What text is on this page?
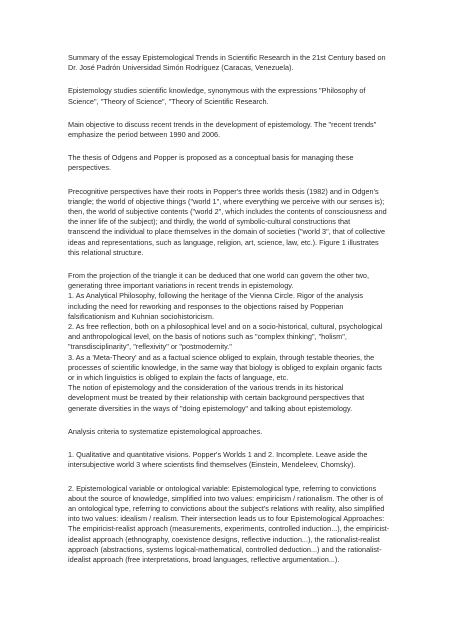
Summary of the essay Epistemological Trends in Scientific Research in the 21st Century based on
Dr. José Padrón Universidad Simón Rodríguez (Caracas, Venezuela).

Epistemology studies scientific knowledge, synonymous with the expressions "Philosophy of
Science", "Theory of Science", "Theory of Scientific Research.

Main objective to discuss recent trends in the development of epistemology. The "recent trends"
emphasize the period between 1990 and 2006.

The thesis of Odgens and Popper is proposed as a conceptual basis for managing these
perspectives.

Precognitive perspectives have their roots in Popper's three worlds thesis (1982) and in Odgen's
triangle; the world of objective things ("world 1", where everything we perceive with our senses is);
then, the world of subjective contents ("world 2", which includes the contents of consciousness and
the inner life of the subject); and thirdly, the world of symbolic-cultural constructions that
transcend the individual to place themselves in the domain of societies ("world 3", that of collective
ideas and representations, such as language, religion, art, science, law, etc.). Figure 1 illustrates
this relational structure.

From the projection of the triangle it can be deduced that one world can govern the other two,
generating three important variations in recent trends in epistemology.
1. As Analytical Philosophy, following the heritage of the Vienna Circle. Rigor of the analysis
including the need for reworking and responses to the objections raised by Popperian
falsificationism and Kuhnian sociohistoricism.
2. As free reflection, both on a philosophical level and on a socio-historical, cultural, psychological
and anthropological level, on the basis of notions such as "complex thinking", "holism",
"transdisciplinarity", "reflexivity" or "postmodernity."
3. As a 'Meta-Theory' and as a factual science obliged to explain, through testable theories, the
processes of scientific knowledge, in the same way that biology is obliged to explain organic facts
or in which linguistics is obliged to explain the facts of language, etc.
The notion of epistemology and the consideration of the various trends in its historical
development must be treated by their relationship with certain background perspectives that
generate diversities in the ways of "doing epistemology" and talking about epistemology.

Analysis criteria to systematize epistemological approaches.

1. Qualitative and quantitative visions. Popper's Worlds 1 and 2. Incomplete. Leave aside the
intersubjective world 3 where scientists find themselves (Einstein, Mendeleev, Chomsky).

2. Epistemological variable or ontological variable: Epistemological type, referring to convictions
about the source of knowledge, simplified into two values: empiricism / rationalism. The other is of
an ontological type, referring to convictions about the subject's relations with reality, also simplified
into two values: idealism / realism. Their intersection leads us to four Epistemological Approaches:
The empiricist-realist approach (measurements, experiments, controlled induction...), the empiricist-
idealist approach (ethnography, coexistence designs, reflective induction...), the rationalist-realist
approach (abstractions, systems logical-mathematical, controlled deduction...) and the rationalist-
idealist approach (free interpretations, broad languages, reflective argumentation...).
